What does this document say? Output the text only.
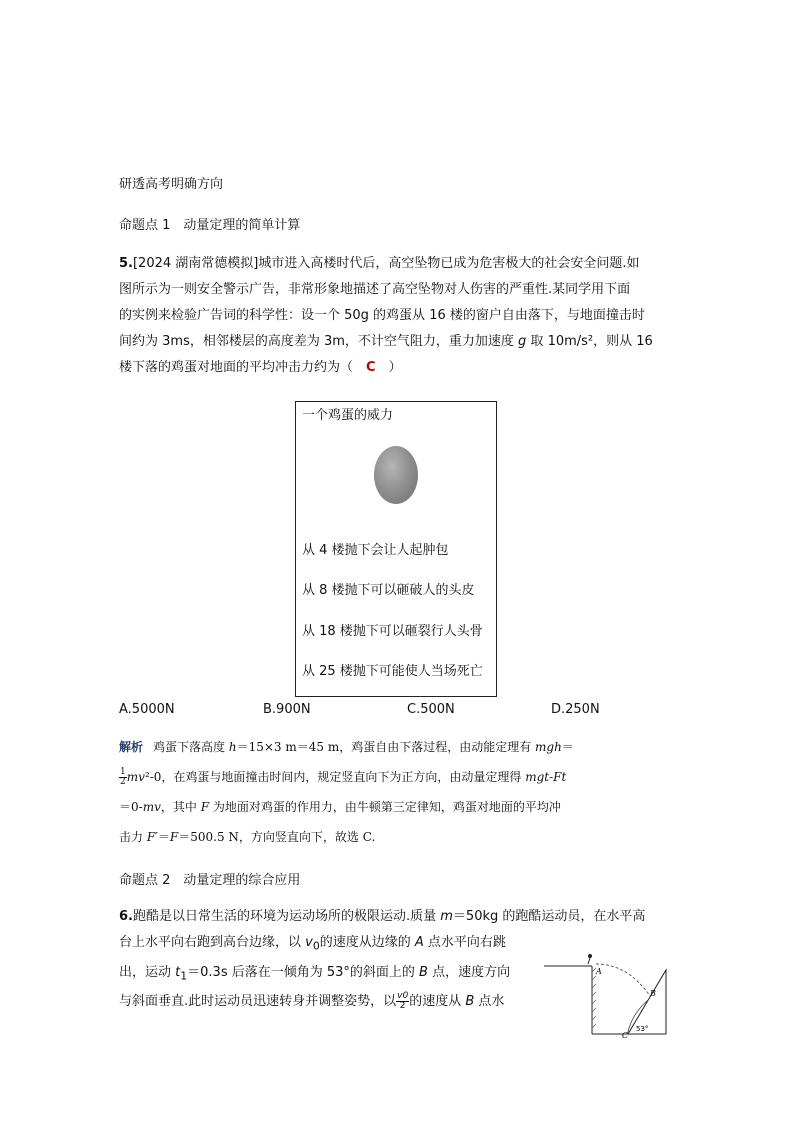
研透高考明确方向
命题点 1　动量定理的简单计算
5.[2024 湖南常德模拟]城市进入高楼时代后，高空坠物已成为危害极大的社会安全问题.如
图所示为一则安全警示广告，非常形象地描述了高空坠物对人伤害的严重性.某同学用下面
的实例来检验广告词的科学性：设一个 50g 的鸡蛋从 16 楼的窗户自由落下，与地面撞击时
间约为 3ms，相邻楼层的高度差为 3m，不计空气阻力，重力加速度 g 取 10m/s²，则从 16
楼下落的鸡蛋对地面的平均冲击力约为（　C　）
一个鸡蛋的威力
从 4 楼抛下会让人起肿包
从 8 楼抛下可以砸破人的头皮
从 18 楼抛下可以砸裂行人头骨
从 25 楼抛下可能使人当场死亡
A.5000N	B.900N	C.500N	D.250N
解析 鸡蛋下落高度 h＝15×3 m＝45 m，鸡蛋自由下落过程，由动能定理有 mgh＝
$\frac{1}{2} mv^2-0$，在鸡蛋与地面撞击时间内，规定竖直向下为正方向，由动量定理得 mgt-Ft
＝0-mv，其中 F 为地面对鸡蛋的作用力，由牛顿第三定律知，鸡蛋对地面的平均冲
击力 F′＝F＝500.5 N，方向竖直向下，故选 C.
命题点 2　动量定理的综合应用
6.跑酷是以日常生活的环境为运动场所的极限运动.质量 m＝50kg 的跑酷运动员，在水平高
台上水平向右跑到高台边缘，以 $v_0$的速度从边缘的 A 点水平向右跳
出，运动 $t_1=0.3s$ 后落在一倾角为 53°的斜面上的 B 点，速度方向
与斜面垂直.此时运动员迅速转身并调整姿势，以 $\frac{v0}{2}$ 的速度从 B 点水
A
B
C
53°
